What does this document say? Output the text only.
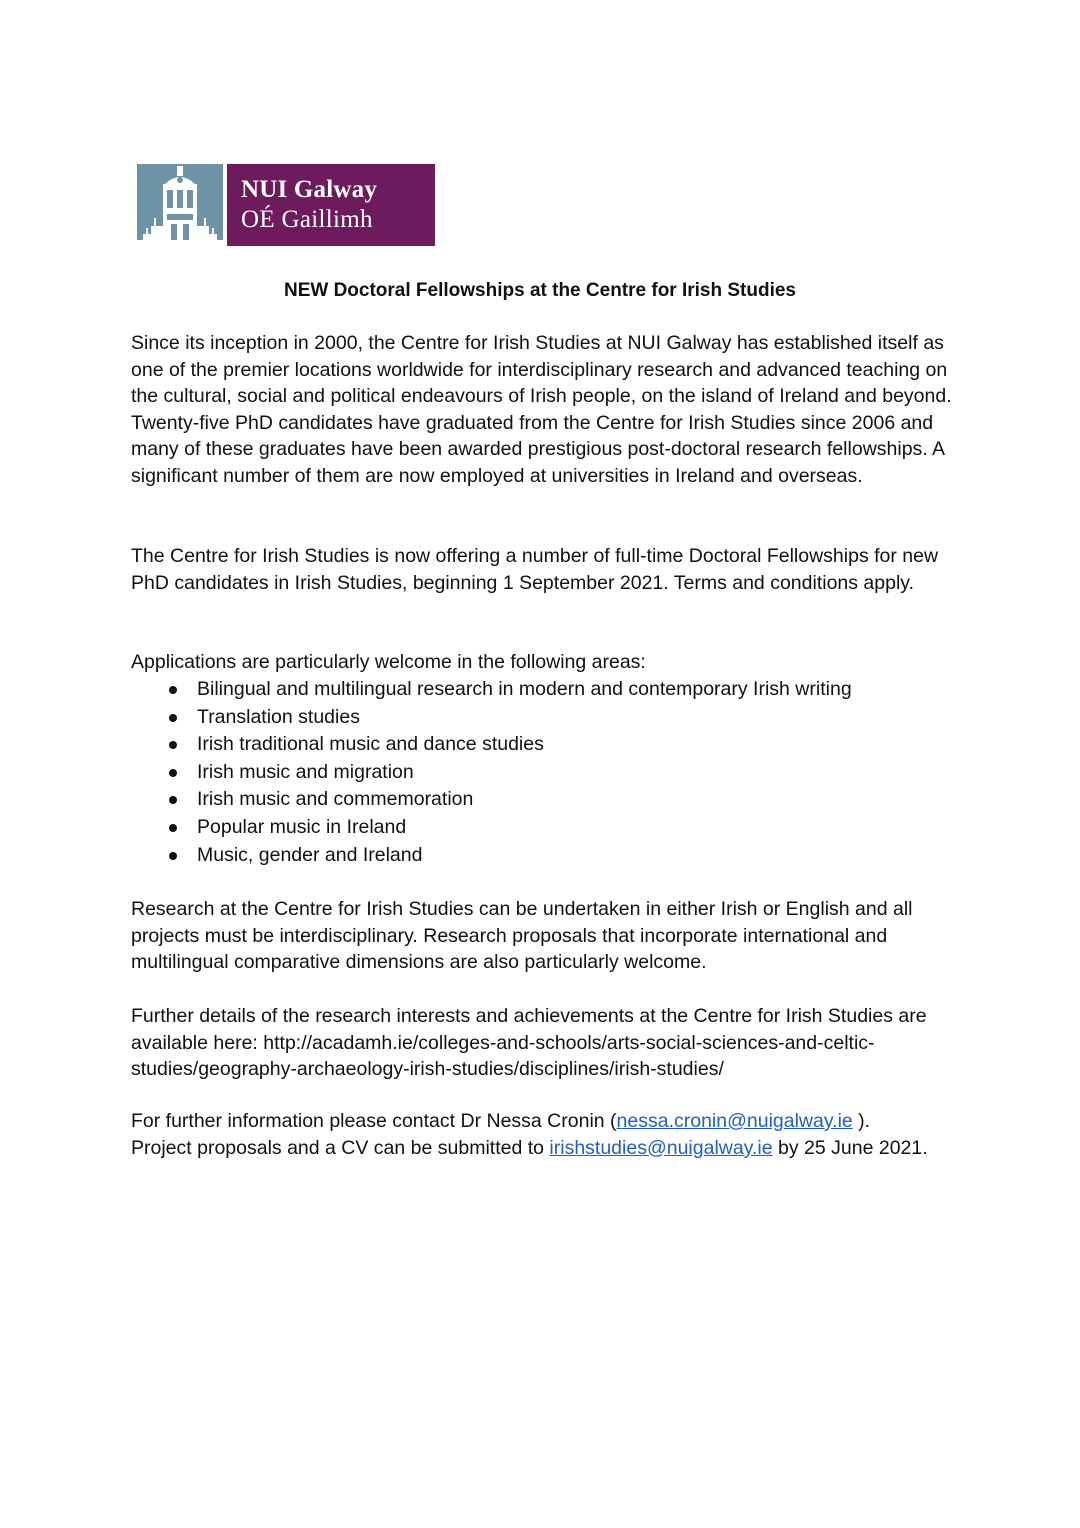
NUI Galway
OÉ Gaillimh
NEW Doctoral Fellowships at the Centre for Irish Studies

Since its inception in 2000, the Centre for Irish Studies at NUI Galway has established itself as one of the premier locations worldwide for interdisciplinary research and advanced teaching on the cultural, social and political endeavours of Irish people, on the island of Ireland and beyond. Twenty-five PhD candidates have graduated from the Centre for Irish Studies since 2006 and many of these graduates have been awarded prestigious post-doctoral research fellowships. A significant number of them are now employed at universities in Ireland and overseas.

The Centre for Irish Studies is now offering a number of full-time Doctoral Fellowships for new PhD candidates in Irish Studies, beginning 1 September 2021. Terms and conditions apply.

Applications are particularly welcome in the following areas:

Bilingual and multilingual research in modern and contemporary Irish writing
Translation studies
Irish traditional music and dance studies
Irish music and migration
Irish music and commemoration
Popular music in Ireland
Music, gender and Ireland

Research at the Centre for Irish Studies can be undertaken in either Irish or English and all projects must be interdisciplinary. Research proposals that incorporate international and multilingual comparative dimensions are also particularly welcome.

Further details of the research interests and achievements at the Centre for Irish Studies are available here: http://acadamh.ie/colleges-and-schools/arts-social-sciences-and-celtic-studies/geography-archaeology-irish-studies/disciplines/irish-studies/

For further information please contact Dr Nessa Cronin (nessa.cronin@nuigalway.ie ).
Project proposals and a CV can be submitted to irishstudies@nuigalway.ie by 25 June 2021.
